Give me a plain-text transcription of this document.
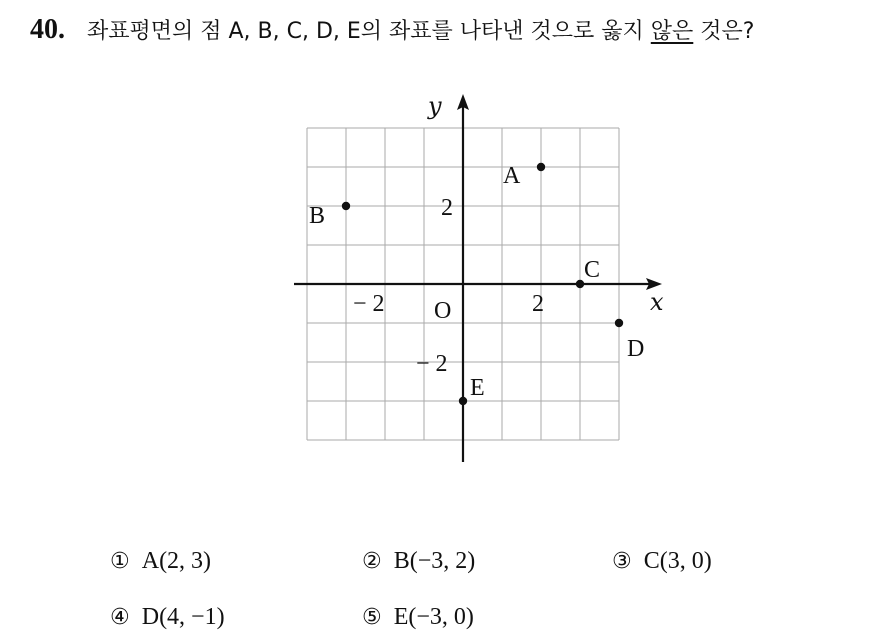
40. 좌표평면의 점 A, B, C, D, E의 좌표를 나타낸 것으로 옳지 않은 것은?
x
y
O
− 2	2
2
− 2
A
B
C
D
E
① A(2, 3)	② B(−3, 2)	③ C(3, 0)
④ D(4, −1)	⑤ E(−3, 0)
